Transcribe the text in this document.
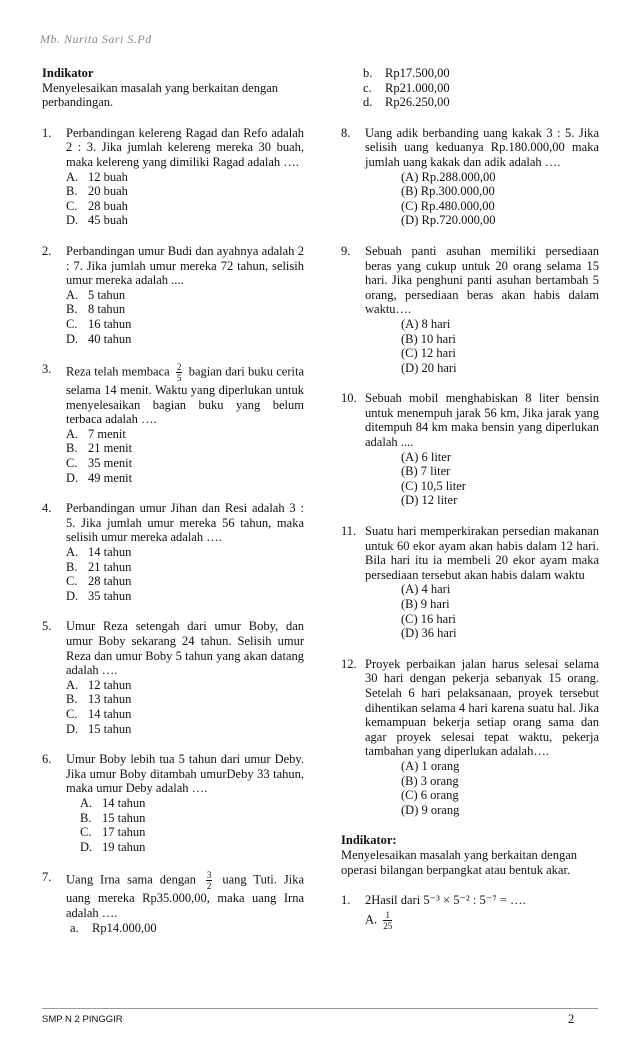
Mb. Nurita Sari S.Pd
Indikator
Menyelesaikan masalah yang berkaitan dengan perbandingan.
1. Perbandingan kelereng Ragad dan Refo adalah 2 : 3. Jika jumlah kelereng mereka 30 buah, maka kelereng yang dimiliki Ragad adalah ….
A. 12 buah
B. 20 buah
C. 28 buah
D. 45 buah
2. Perbandingan umur Budi dan ayahnya adalah 2 : 7. Jika jumlah umur mereka 72 tahun, selisih umur mereka adalah ....
A. 5 tahun
B. 8 tahun
C. 16 tahun
D. 40 tahun
3. Reza telah membaca $\frac{2}{5}$ bagian dari buku cerita selama 14 menit. Waktu yang diperlukan untuk menyelesaikan bagian buku yang belum terbaca adalah ….
A. 7 menit
B. 21 menit
C. 35 menit
D. 49 menit
4. Perbandingan umur Jihan dan Resi adalah 3 : 5. Jika jumlah umur mereka 56 tahun, maka selisih umur mereka adalah ….
A. 14 tahun
B. 21 tahun
C. 28 tahun
D. 35 tahun
5. Umur Reza setengah dari umur Boby, dan umur Boby sekarang 24 tahun. Selisih umur Reza dan umur Boby 5 tahun yang akan datang adalah ….
A. 12 tahun
B. 13 tahun
C. 14 tahun
D. 15 tahun
6. Umur Boby lebih tua 5 tahun dari umur Deby. Jika umur Boby ditambah umurDeby 33 tahun, maka umur Deby adalah ….
A. 14 tahun
B. 15 tahun
C. 17 tahun
D. 19 tahun
7. Uang Irna sama dengan $\frac{3}{2}$ uang Tuti. Jika uang mereka Rp35.000,00, maka uang Irna adalah ….
a. Rp14.000,00
b. Rp17.500,00
c. Rp21.000,00
d. Rp26.250,00
8. Uang adik berbanding uang kakak 3 : 5. Jika selisih uang keduanya Rp.180.000,00 maka jumlah uang kakak dan adik adalah ….
(A) Rp.288.000,00
(B) Rp.300.000,00
(C) Rp.480.000,00
(D) Rp.720.000,00
9. Sebuah panti asuhan memiliki persediaan beras yang cukup untuk 20 orang selama 15 hari. Jika penghuni panti asuhan bertambah 5 orang, persediaan beras akan habis dalam waktu….
(A) 8 hari
(B) 10 hari
(C) 12 hari
(D) 20 hari
10. Sebuah mobil menghabiskan 8 liter bensin untuk menempuh jarak 56 km, Jika jarak yang ditempuh 84 km maka bensin yang diperlukan adalah ....
(A) 6 liter
(B) 7 liter
(C) 10,5 liter
(D) 12 liter
11. Suatu hari memperkirakan persedian makanan untuk 60 ekor ayam akan habis dalam 12 hari. Bila hari itu ia membeli 20 ekor ayam maka persediaan tersebut akan habis dalam waktu
(A) 4 hari
(B) 9 hari
(C) 16 hari
(D) 36 hari
12. Proyek perbaikan jalan harus selesai selama 30 hari dengan pekerja sebanyak 15 orang. Setelah 6 hari pelaksanaan, proyek tersebut dihentikan selama 4 hari karena suatu hal. Jika kemampuan bekerja setiap orang sama dan agar proyek selesai tepat waktu, pekerja tambahan yang diperlukan adalah….
(A) 1 orang
(B) 3 orang
(C) 6 orang
(D) 9 orang
Indikator:
Menyelesaikan masalah yang berkaitan dengan operasi bilangan berpangkat atau bentuk akar.
1. 2Hasil dari 5⁻³ × 5⁻² : 5⁻⁷ = ….
A. $\frac{1}{25}$
SMP N 2 PINGGIR	2
